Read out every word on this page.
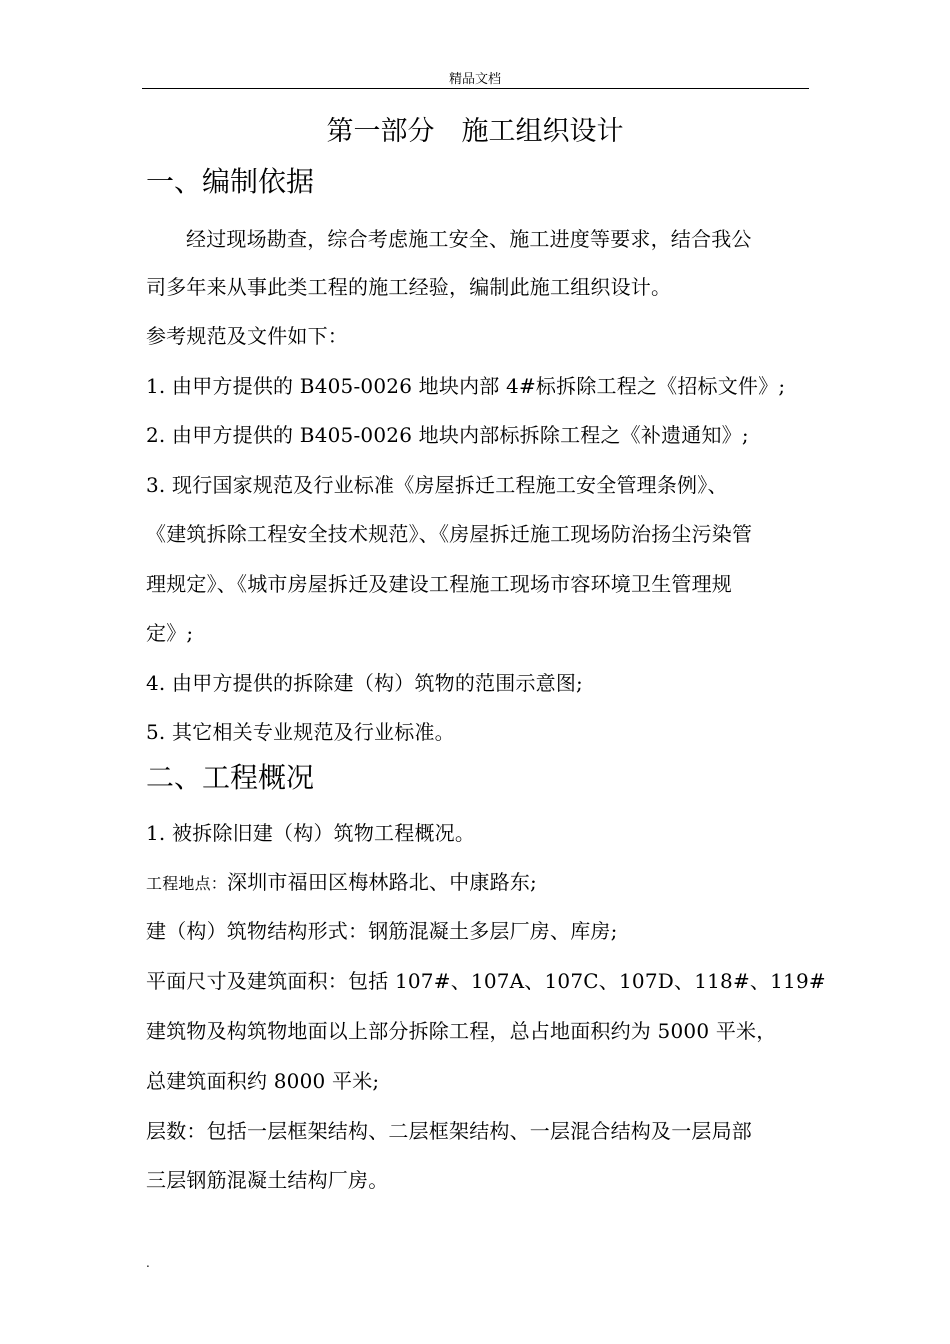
精品文档
第一部分　施工组织设计
一、编制依据
经过现场勘查，综合考虑施工安全、施工进度等要求，结合我公
司多年来从事此类工程的施工经验，编制此施工组织设计。
参考规范及文件如下：
1. 由甲方提供的 B405-0026 地块内部 4#标拆除工程之《招标文件》;
2. 由甲方提供的 B405-0026 地块内部标拆除工程之《补遗通知》;
3. 现行国家规范及行业标准《房屋拆迁工程施工安全管理条例》、
《建筑拆除工程安全技术规范》、《房屋拆迁施工现场防治扬尘污染管
理规定》、《城市房屋拆迁及建设工程施工现场市容环境卫生管理规
定》;
4. 由甲方提供的拆除建（构）筑物的范围示意图;
5. 其它相关专业规范及行业标准。
二、工程概况
1. 被拆除旧建（构）筑物工程概况。
工程地点：深圳市福田区梅林路北、中康路东;
建（构）筑物结构形式：钢筋混凝土多层厂房、库房;
平面尺寸及建筑面积：包括 107#、107A、107C、107D、118#、119#
建筑物及构筑物地面以上部分拆除工程，总占地面积约为 5000 平米，
总建筑面积约 8000 平米;
层数：包括一层框架结构、二层框架结构、一层混合结构及一层局部
三层钢筋混凝土结构厂房。
.
